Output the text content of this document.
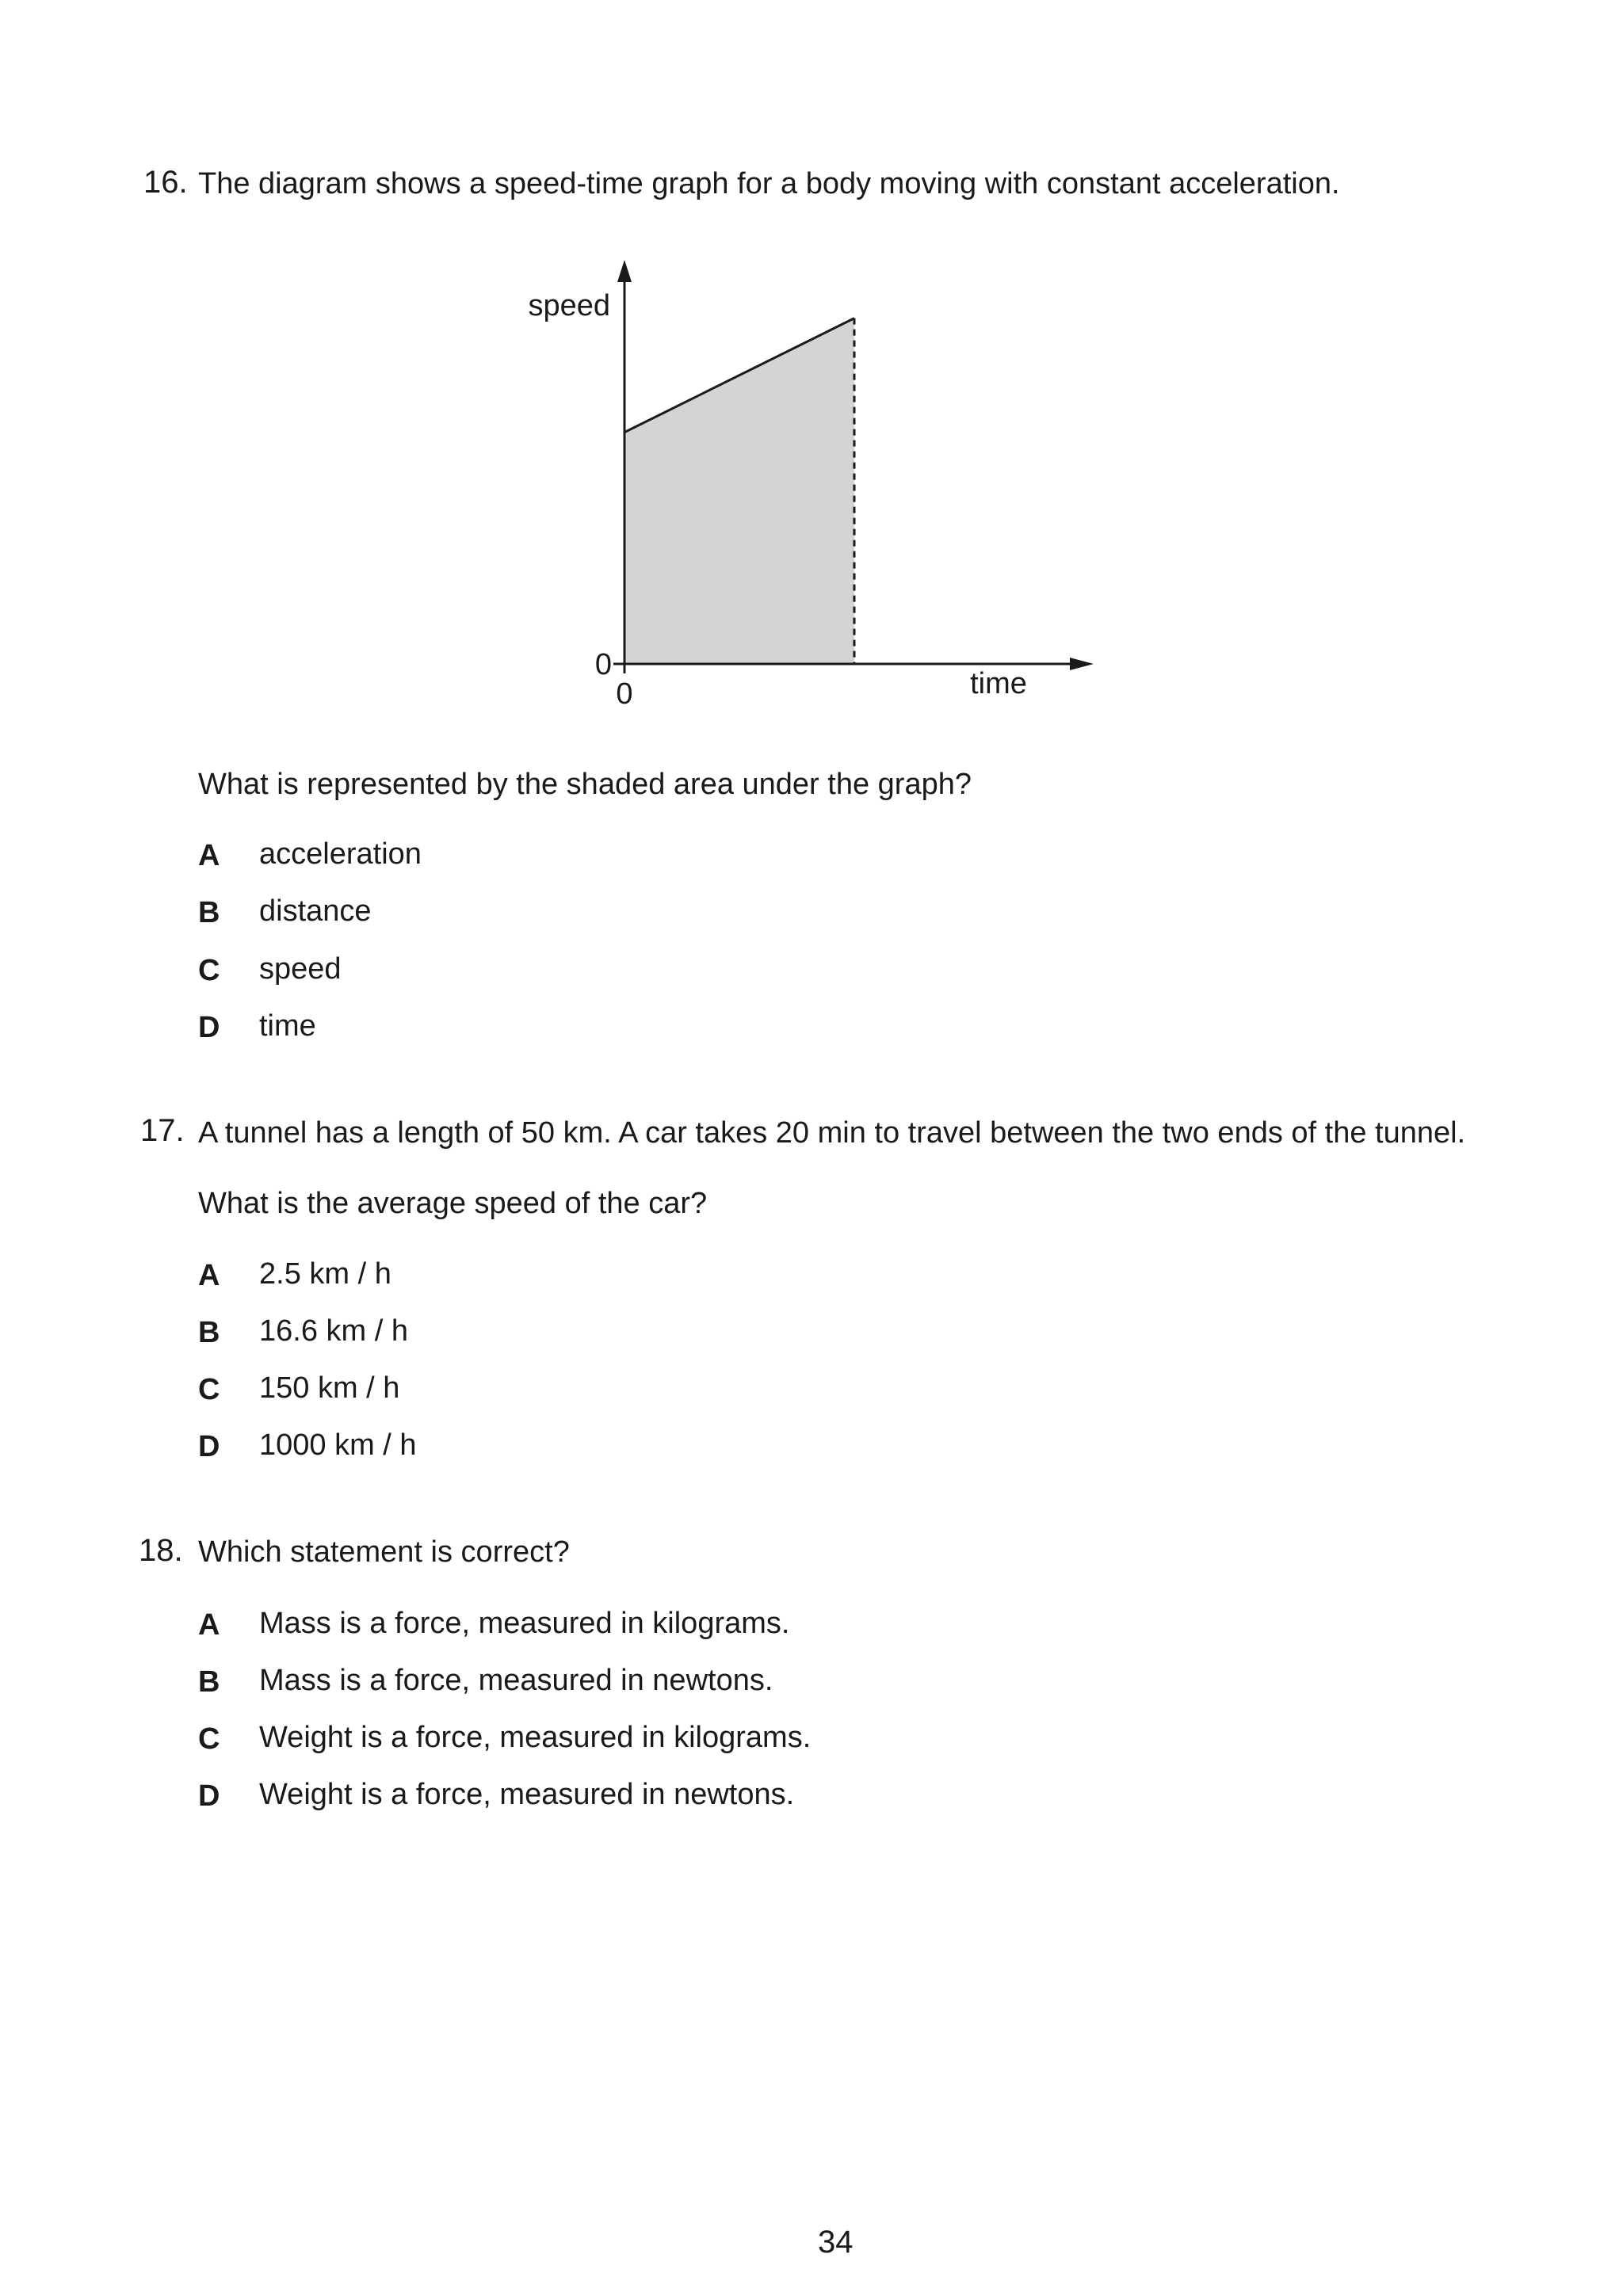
16. The diagram shows a speed-time graph for a body moving with constant acceleration.
speed
time
0
0
What is represented by the shaded area under the graph?
A acceleration
B distance
C speed
D time
17. A tunnel has a length of 50 km. A car takes 20 min to travel between the two ends of the tunnel.
What is the average speed of the car?
A 2.5 km / h
B 16.6 km / h
C 150 km / h
D 1000 km / h
18. Which statement is correct?
A Mass is a force, measured in kilograms.
B Mass is a force, measured in newtons.
C Weight is a force, measured in kilograms.
D Weight is a force, measured in newtons.
34
